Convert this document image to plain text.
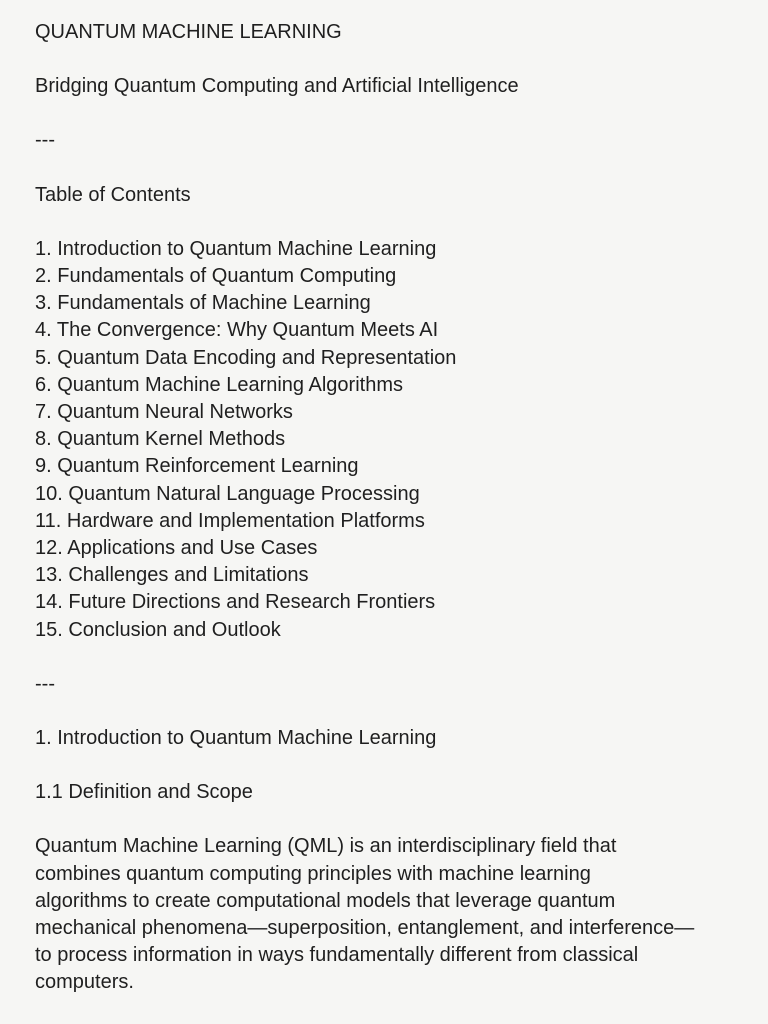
QUANTUM MACHINE LEARNING

Bridging Quantum Computing and Artificial Intelligence

---

Table of Contents

1. Introduction to Quantum Machine Learning
2. Fundamentals of Quantum Computing
3. Fundamentals of Machine Learning
4. The Convergence: Why Quantum Meets AI
5. Quantum Data Encoding and Representation
6. Quantum Machine Learning Algorithms
7. Quantum Neural Networks
8. Quantum Kernel Methods
9. Quantum Reinforcement Learning
10. Quantum Natural Language Processing
11. Hardware and Implementation Platforms
12. Applications and Use Cases
13. Challenges and Limitations
14. Future Directions and Research Frontiers
15. Conclusion and Outlook

---

1. Introduction to Quantum Machine Learning

1.1 Definition and Scope

Quantum Machine Learning (QML) is an interdisciplinary field that
combines quantum computing principles with machine learning
algorithms to create computational models that leverage quantum
mechanical phenomena—superposition, entanglement, and interference—
to process information in ways fundamentally different from classical
computers.
